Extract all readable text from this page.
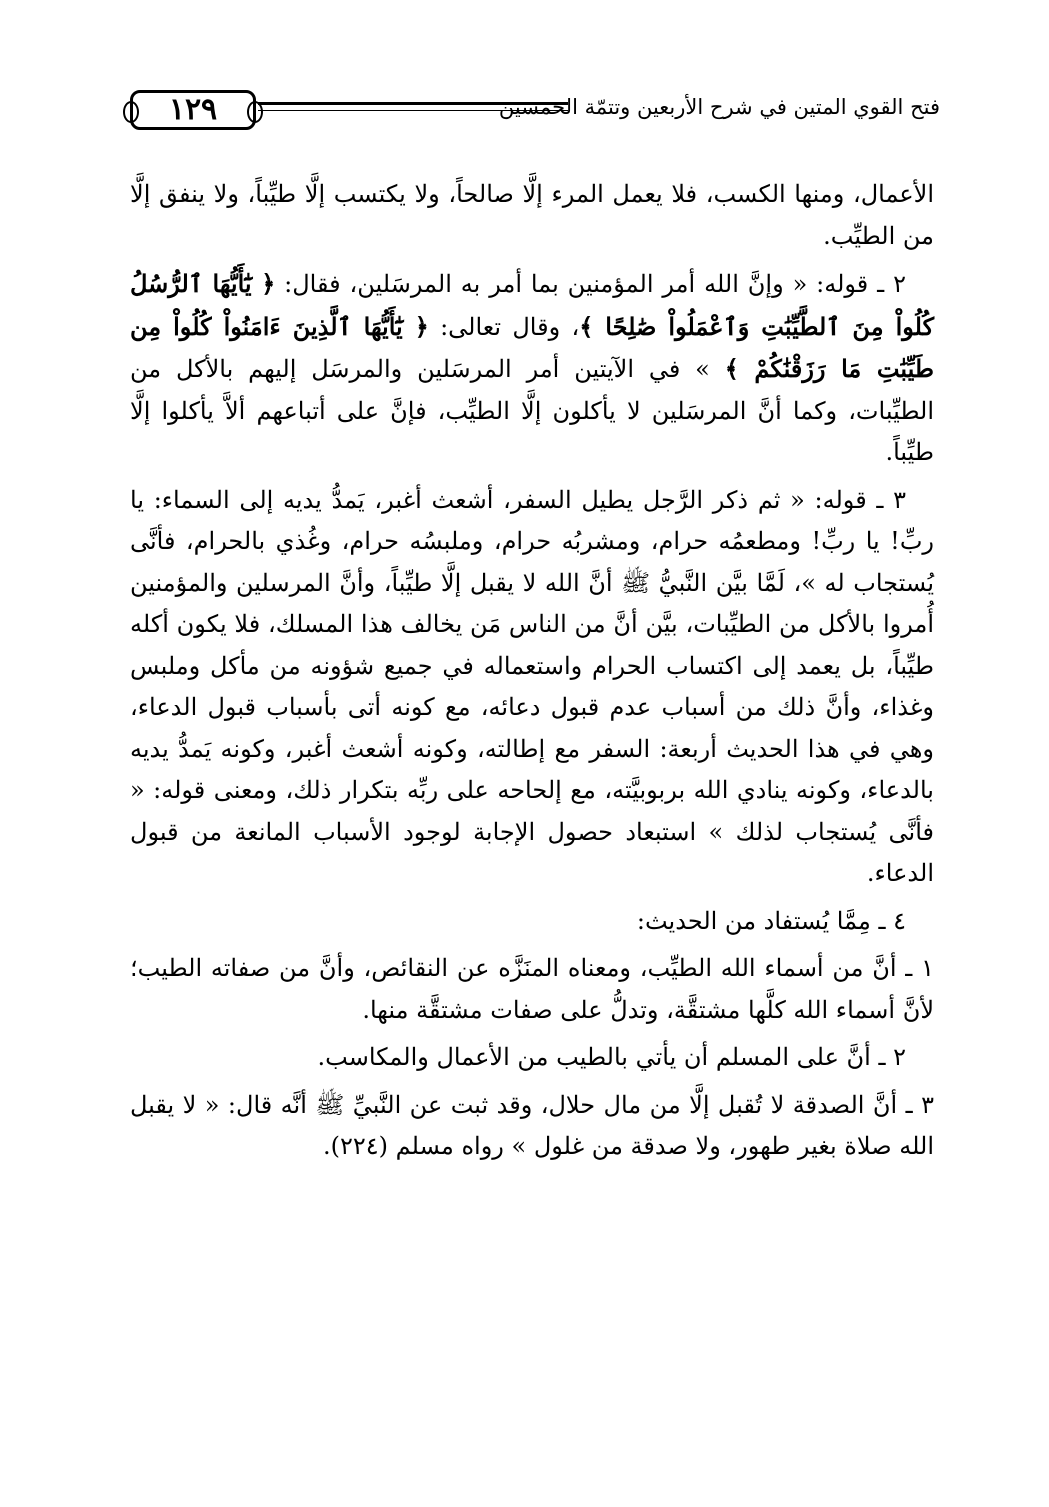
فتح القوي المتين في شرح الأربعين وتتمّة الخمسين
١٢٩

الأعمال، ومنها الكسب، فلا يعمل المرء إلَّا صالحاً، ولا يكتسب إلَّا طيِّباً، ولا ينفق إلَّا من الطيِّب.

٢ ـ قوله: « وإنَّ الله أمر المؤمنين بما أمر به المرسَلين، فقال: ﴿ يَٰٓأَيُّهَا ٱلرُّسُلُ كُلُواْ مِنَ ٱلطَّيِّبَٰتِ وَٱعْمَلُواْ صَٰلِحًا ﴾، وقال تعالى: ﴿ يَٰٓأَيُّهَا ٱلَّذِينَ ءَامَنُواْ كُلُواْ مِن طَيِّبَٰتِ مَا رَزَقْنَٰكُمْ ﴾ » في الآيتين أمر المرسَلين والمرسَل إليهم بالأكل من الطيِّبات، وكما أنَّ المرسَلين لا يأكلون إلَّا الطيِّب، فإنَّ على أتباعهم ألاَّ يأكلوا إلَّا طيِّباً.

٣ ـ قوله: « ثم ذكر الرَّجل يطيل السفر، أشعث أغبر، يَمدُّ يديه إلى السماء: يا ربِّ! يا ربِّ! ومطعمُه حرام، ومشربُه حرام، وملبسُه حرام، وغُذي بالحرام، فأنَّى يُستجاب له »، لَمَّا بيَّن النَّبيُّ ﷺ أنَّ الله لا يقبل إلَّا طيِّباً، وأنَّ المرسلين والمؤمنين أُمروا بالأكل من الطيِّبات، بيَّن أنَّ من الناس مَن يخالف هذا المسلك، فلا يكون أكله طيِّباً، بل يعمد إلى اكتساب الحرام واستعماله في جميع شؤونه من مأكل وملبس وغذاء، وأنَّ ذلك من أسباب عدم قبول دعائه، مع كونه أتى بأسباب قبول الدعاء، وهي في هذا الحديث أربعة: السفر مع إطالته، وكونه أشعث أغبر، وكونه يَمدُّ يديه بالدعاء، وكونه ينادي الله بربوبيَّته، مع إلحاحه على ربِّه بتكرار ذلك، ومعنى قوله: « فأنَّى يُستجاب لذلك » استبعاد حصول الإجابة لوجود الأسباب المانعة من قبول الدعاء.

٤ ـ مِمَّا يُستفاد من الحديث:

١ ـ أنَّ من أسماء الله الطيِّب، ومعناه المنَزَّه عن النقائص، وأنَّ من صفاته الطيب؛ لأنَّ أسماء الله كلَّها مشتقَّة، وتدلُّ على صفات مشتقَّة منها.

٢ ـ أنَّ على المسلم أن يأتي بالطيب من الأعمال والمكاسب.

٣ ـ أنَّ الصدقة لا تُقبل إلَّا من مال حلال، وقد ثبت عن النَّبيِّ ﷺ أنَّه قال: « لا يقبل الله صلاة بغير طهور، ولا صدقة من غلول » رواه مسلم (٢٢٤).
